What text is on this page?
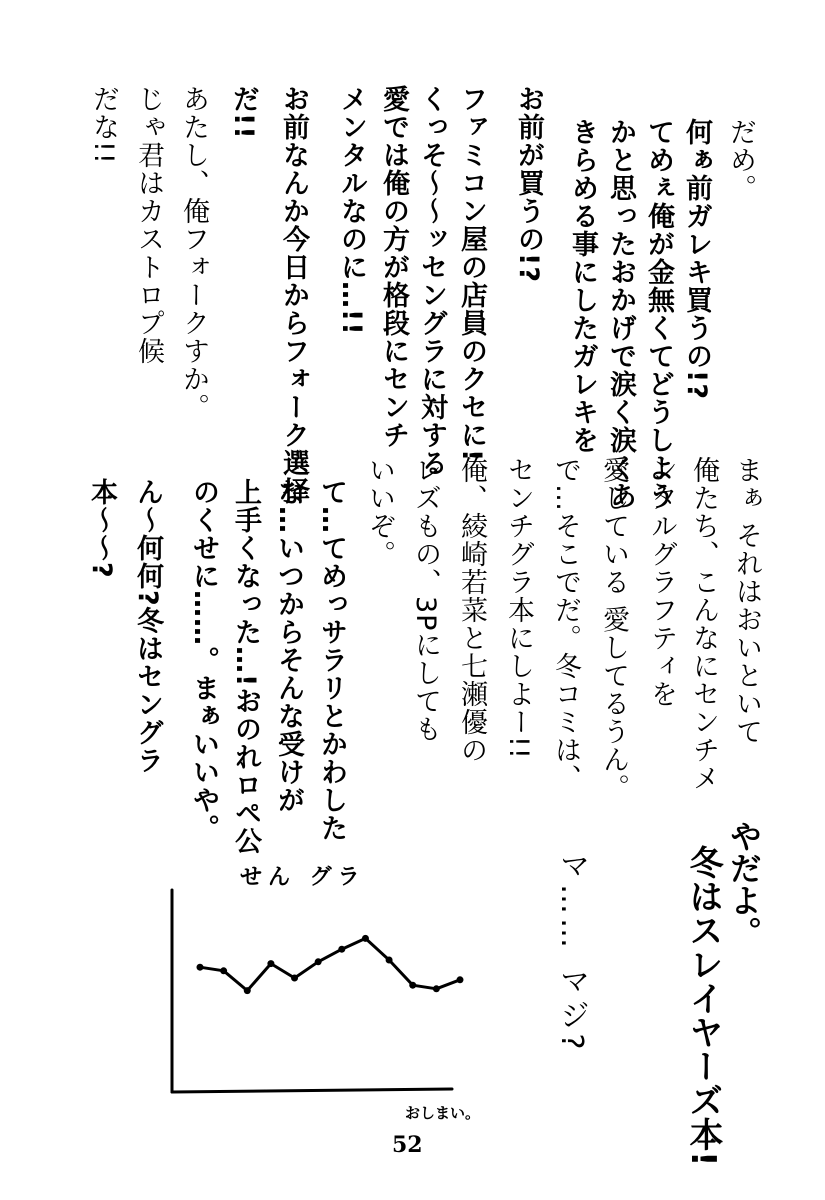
だめ。
何ぁ前ガレキ買うの!?
てめぇ俺が金無くてどうしよう
かと思ったおかげで涙く涙くあ
きらめる事にしたガレキを
お前が買うの!?
ファミコン屋の店員のクセに!
くっそ～～ッセングラに対する
愛では俺の方が格段にセンチ
メンタルなのに…!!
お前なんか今日からフォーク選择
だ!!
あたし、俺フォークすか。
じゃ君はカストロプ候
だな!!
まぁ それはおいといて
俺たち、こんなにセンチメ
ンタルグラフティを
愛している 愛してるうん。
で…そこでだ。冬コミは、
センチグラ本にしよー!!
俺、綾崎若菜と七瀬優の
レズもの、3Pにしても
いいぞ。
て…てめっサラリとかわした
な…いつからそんな受けが
上手くなった…!おのれロペ公
のくせに……。まぁいいや。
ん～何何?冬はセングラ
本～～?
やだよ。
冬はスレイヤーズ本!
マ…… マジ?
せん グラ
おしまい。
52
